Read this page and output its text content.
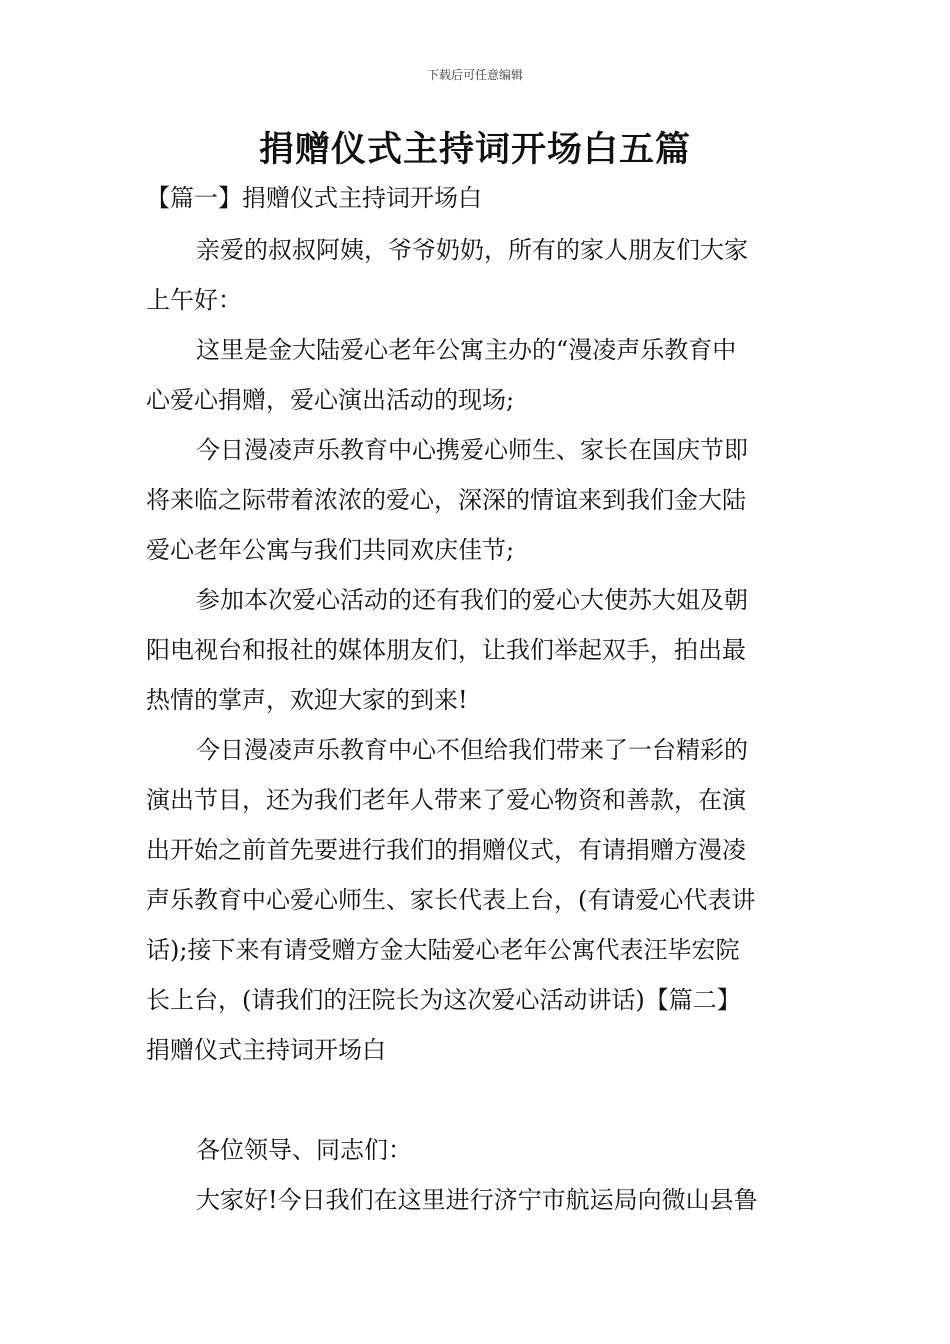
下载后可任意编辑
捐赠仪式主持词开场白五篇
【篇一】捐赠仪式主持词开场白
亲爱的叔叔阿姨，爷爷奶奶，所有的家人朋友们大家
上午好：
这里是金大陆爱心老年公寓主办的“漫凌声乐教育中
心爱心捐赠，爱心演出活动的现场;
今日漫凌声乐教育中心携爱心师生、家长在国庆节即
将来临之际带着浓浓的爱心，深深的情谊来到我们金大陆
爱心老年公寓与我们共同欢庆佳节;
参加本次爱心活动的还有我们的爱心大使苏大姐及朝
阳电视台和报社的媒体朋友们，让我们举起双手，拍出最
热情的掌声，欢迎大家的到来!
今日漫凌声乐教育中心不但给我们带来了一台精彩的
演出节目，还为我们老年人带来了爱心物资和善款，在演
出开始之前首先要进行我们的捐赠仪式，有请捐赠方漫凌
声乐教育中心爱心师生、家长代表上台，(有请爱心代表讲
话);接下来有请受赠方金大陆爱心老年公寓代表汪毕宏院
长上台，(请我们的汪院长为这次爱心活动讲话)【篇二】
捐赠仪式主持词开场白
各位领导、同志们：
大家好!今日我们在这里进行济宁市航运局向微山县鲁
